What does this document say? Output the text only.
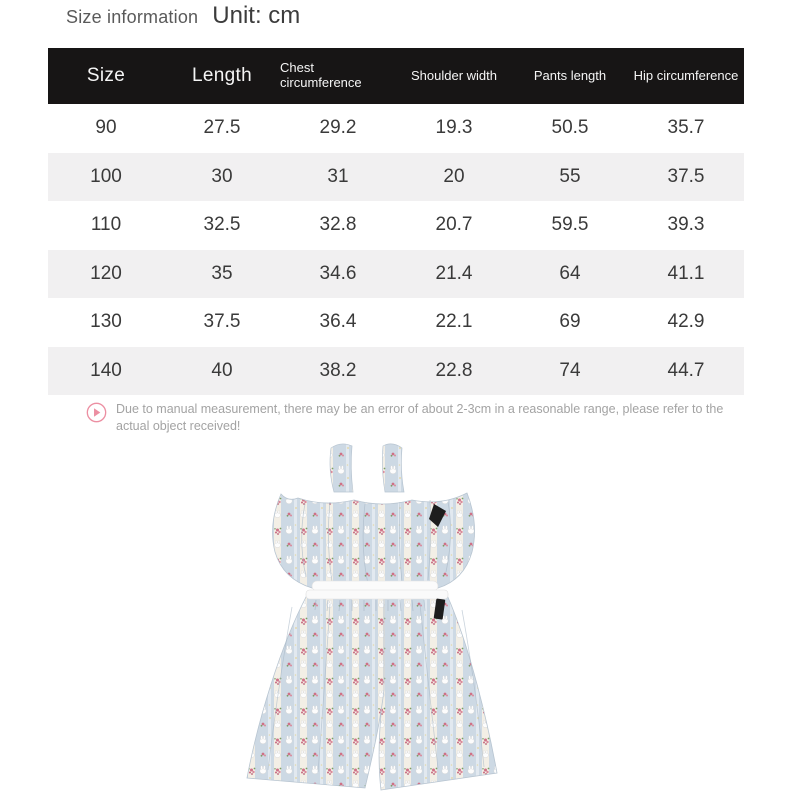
Size information Unit: cm
Size	Length	Chest circumference	Shoulder width	Pants length	Hip circumference
90	27.5	29.2	19.3	50.5	35.7
100	30	31	20	55	37.5
110	32.5	32.8	20.7	59.5	39.3
120	35	34.6	21.4	64	41.1
130	37.5	36.4	22.1	69	42.9
140	40	38.2	22.8	74	44.7
Due to manual measurement, there may be an error of about 2-3cm in a reasonable range, please refer to the actual object received!
